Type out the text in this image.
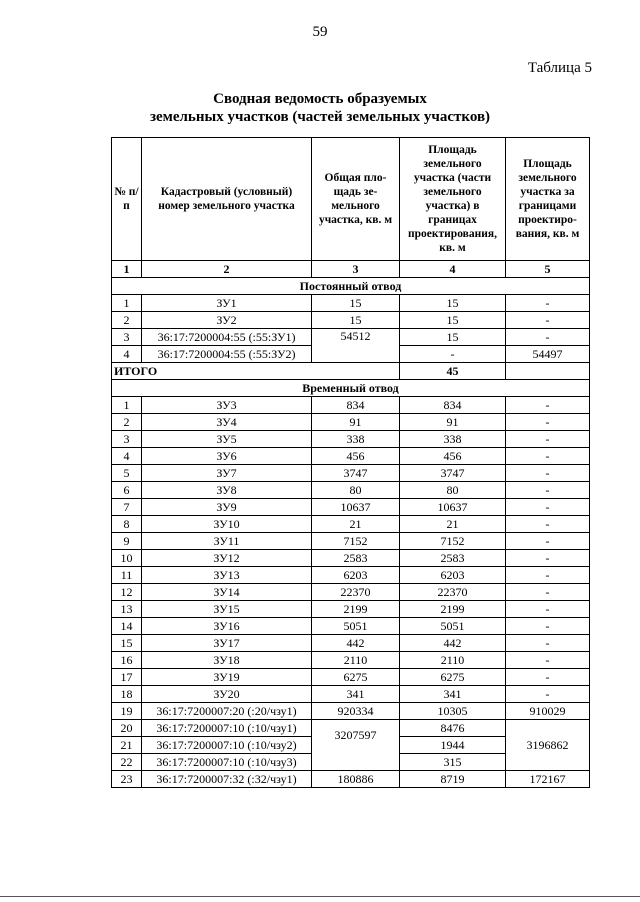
59
Таблица 5
Сводная ведомость образуемых
земельных участков (частей земельных участков)
№ п/п	Кадастровый (условный) номер земельного участка	Общая пло-щадь зе-мельного участка, кв. м	Площадь земельного участка (части земельного участка) в границах проектирования, кв. м	Площадь земельного участка за границами проектиро-вания, кв. м
1	2	3	4	5
Постоянный отвод				
1	ЗУ1	15	15	-
2	ЗУ2	15	15	-
3	36:17:7200004:55 (:55:ЗУ1)	54512	15	-
4	36:17:7200004:55 (:55:ЗУ2)		-	54497
ИТОГО			45	
Временный отвод				
1	ЗУ3	834	834	-
2	ЗУ4	91	91	-
3	ЗУ5	338	338	-
4	ЗУ6	456	456	-
5	ЗУ7	3747	3747	-
6	ЗУ8	80	80	-
7	ЗУ9	10637	10637	-
8	ЗУ10	21	21	-
9	ЗУ11	7152	7152	-
10	ЗУ12	2583	2583	-
11	ЗУ13	6203	6203	-
12	ЗУ14	22370	22370	-
13	ЗУ15	2199	2199	-
14	ЗУ16	5051	5051	-
15	ЗУ17	442	442	-
16	ЗУ18	2110	2110	-
17	ЗУ19	6275	6275	-
18	ЗУ20	341	341	-
19	36:17:7200007:20 (:20/чзу1)	920334	10305	910029
20	36:17:7200007:10 (:10/чзу1)	3207597	8476	3196862
21	36:17:7200007:10 (:10/чзу2)		1944	
22	36:17:7200007:10 (:10/чзу3)		315	
23	36:17:7200007:32 (:32/чзу1)	180886	8719	172167
